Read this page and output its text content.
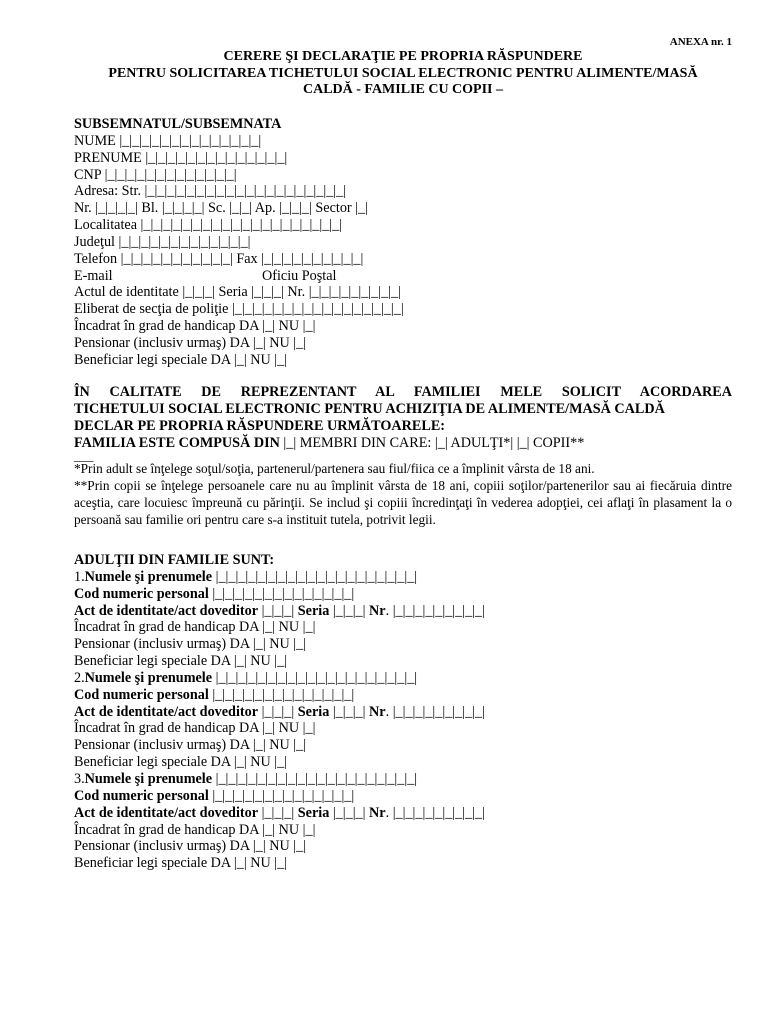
ANEXA nr. 1
CERERE ŞI DECLARAŢIE PE PROPRIA RĂSPUNDERE
PENTRU SOLICITAREA TICHETULUI SOCIAL ELECTRONIC PENTRU ALIMENTE/MASĂ
CALDĂ - FAMILIE CU COPII –
SUBSEMNATUL/SUBSEMNATA
NUME |_|_|_|_|_|_|_|_|_|_|_|_|_|_|
PRENUME |_|_|_|_|_|_|_|_|_|_|_|_|_|_|
CNP |_|_|_|_|_|_|_|_|_|_|_|_|_|
Adresa: Str. |_|_|_|_|_|_|_|_|_|_|_|_|_|_|_|_|_|_|_|_|
Nr. |_|_|_|_| Bl. |_|_|_|_| Sc. |_|_| Ap. |_|_|_| Sector |_|
Localitatea |_|_|_|_|_|_|_|_|_|_|_|_|_|_|_|_|_|_|_|_|
Judeţul |_|_|_|_|_|_|_|_|_|_|_|_|_|
Telefon |_|_|_|_|_|_|_|_|_|_|_| Fax |_|_|_|_|_|_|_|_|_|_|
E-mail	Oficiu Poştal
Actul de identitate |_|_|_| Seria |_|_|_| Nr. |_|_|_|_|_|_|_|_|_|
Eliberat de secţia de poliţie |_|_|_|_|_|_|_|_|_|_|_|_|_|_|_|_|_|
Încadrat în grad de handicap DA |_| NU |_|
Pensionar (inclusiv urmaş) DA |_| NU |_|
Beneficiar legi speciale DA |_| NU |_|
ÎN CALITATE DE REPREZENTANT AL FAMILIEI MELE SOLICIT ACORDAREA
TICHETULUI SOCIAL ELECTRONIC PENTRU ACHIZIŢIA DE ALIMENTE/MASĂ CALDĂ
DECLAR PE PROPRIA RĂSPUNDERE URMĂTOARELE:
FAMILIA ESTE COMPUSĂ DIN |_| MEMBRI DIN CARE: |_| ADULŢI*| |_| COPII**
___
*Prin adult se înţelege soţul/soţia, partenerul/partenera sau fiul/fiica ce a împlinit vârsta de 18 ani.
**Prin copii se înţelege persoanele care nu au împlinit vârsta de 18 ani, copiii soţilor/partenerilor sau ai fiecăruia dintre aceştia, care locuiesc împreună cu părinţii. Se includ şi copiii încredinţaţi în vederea adopţiei, cei aflaţi în plasament la o persoană sau familie ori pentru care s-a instituit tutela, potrivit legii.
ADULŢII DIN FAMILIE SUNT:
1.Numele şi prenumele |_|_|_|_|_|_|_|_|_|_|_|_|_|_|_|_|_|_|_|_|
Cod numeric personal |_|_|_|_|_|_|_|_|_|_|_|_|_|_|
Act de identitate/act doveditor |_|_|_| Seria |_|_|_| Nr. |_|_|_|_|_|_|_|_|_|
Încadrat în grad de handicap DA |_| NU |_|
Pensionar (inclusiv urmaş) DA |_| NU |_|
Beneficiar legi speciale DA |_| NU |_|
2.Numele şi prenumele |_|_|_|_|_|_|_|_|_|_|_|_|_|_|_|_|_|_|_|_|
Cod numeric personal |_|_|_|_|_|_|_|_|_|_|_|_|_|_|
Act de identitate/act doveditor |_|_|_| Seria |_|_|_| Nr. |_|_|_|_|_|_|_|_|_|
Încadrat în grad de handicap DA |_| NU |_|
Pensionar (inclusiv urmaş) DA |_| NU |_|
Beneficiar legi speciale DA |_| NU |_|
3.Numele şi prenumele |_|_|_|_|_|_|_|_|_|_|_|_|_|_|_|_|_|_|_|_|
Cod numeric personal |_|_|_|_|_|_|_|_|_|_|_|_|_|_|
Act de identitate/act doveditor |_|_|_| Seria |_|_|_| Nr. |_|_|_|_|_|_|_|_|_|
Încadrat în grad de handicap DA |_| NU |_|
Pensionar (inclusiv urmaş) DA |_| NU |_|
Beneficiar legi speciale DA |_| NU |_|
